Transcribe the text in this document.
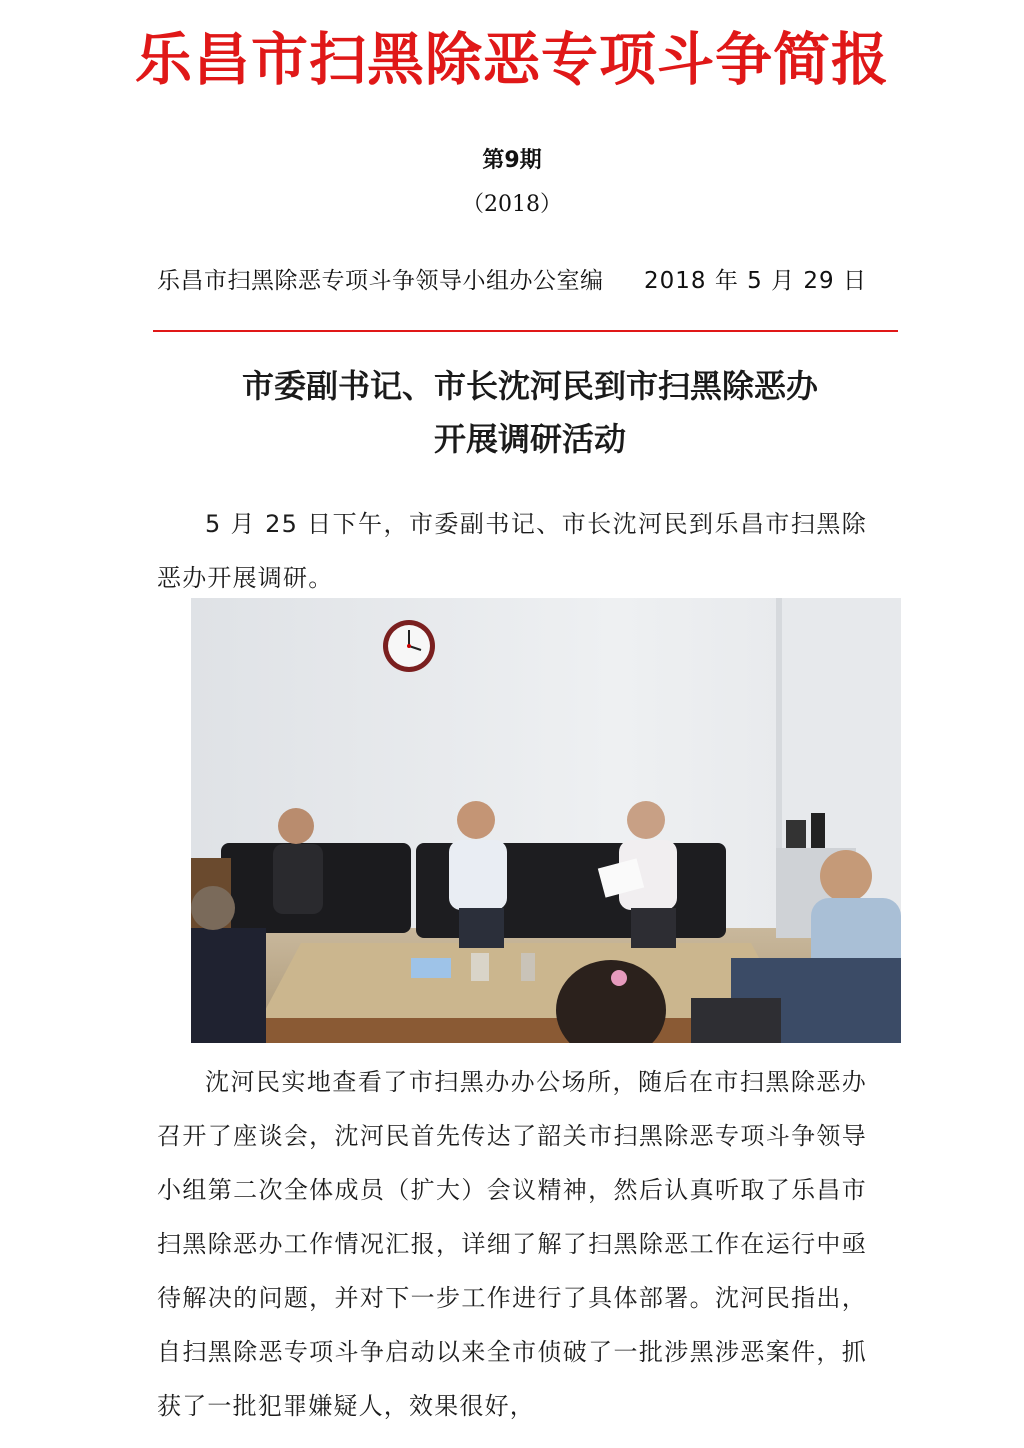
乐昌市扫黑除恶专项斗争简报
第9期
（2018）
乐昌市扫黑除恶专项斗争领导小组办公室编 2018 年 5 月 29 日
市委副书记、市长沈河民到市扫黑除恶办
开展调研活动
5 月 25 日下午，市委副书记、市长沈河民到乐昌市扫黑除恶办开展调研。
沈河民实地查看了市扫黑办办公场所，随后在市扫黑除恶办召开了座谈会，沈河民首先传达了韶关市扫黑除恶专项斗争领导小组第二次全体成员（扩大）会议精神，然后认真听取了乐昌市扫黑除恶办工作情况汇报，详细了解了扫黑除恶工作在运行中亟待解决的问题，并对下一步工作进行了具体部署。沈河民指出，自扫黑除恶专项斗争启动以来全市侦破了一批涉黑涉恶案件，抓获了一批犯罪嫌疑人，效果很好，
